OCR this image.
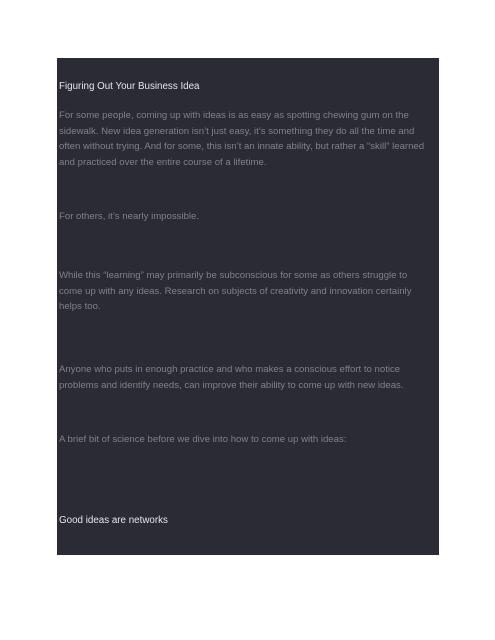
Figuring Out Your Business Idea

For some people, coming up with ideas is as easy as spotting chewing gum on the
sidewalk. New idea generation isn’t just easy, it’s something they do all the time and
often without trying. And for some, this isn’t an innate ability, but rather a “skill” learned
and practiced over the entire course of a lifetime.

For others, it’s nearly impossible.

While this “learning” may primarily be subconscious for some as others struggle to
come up with any ideas. Research on subjects of creativity and innovation certainly
helps too.

Anyone who puts in enough practice and who makes a conscious effort to notice
problems and identify needs, can improve their ability to come up with new ideas.

A brief bit of science before we dive into how to come up with ideas:

Good ideas are networks
